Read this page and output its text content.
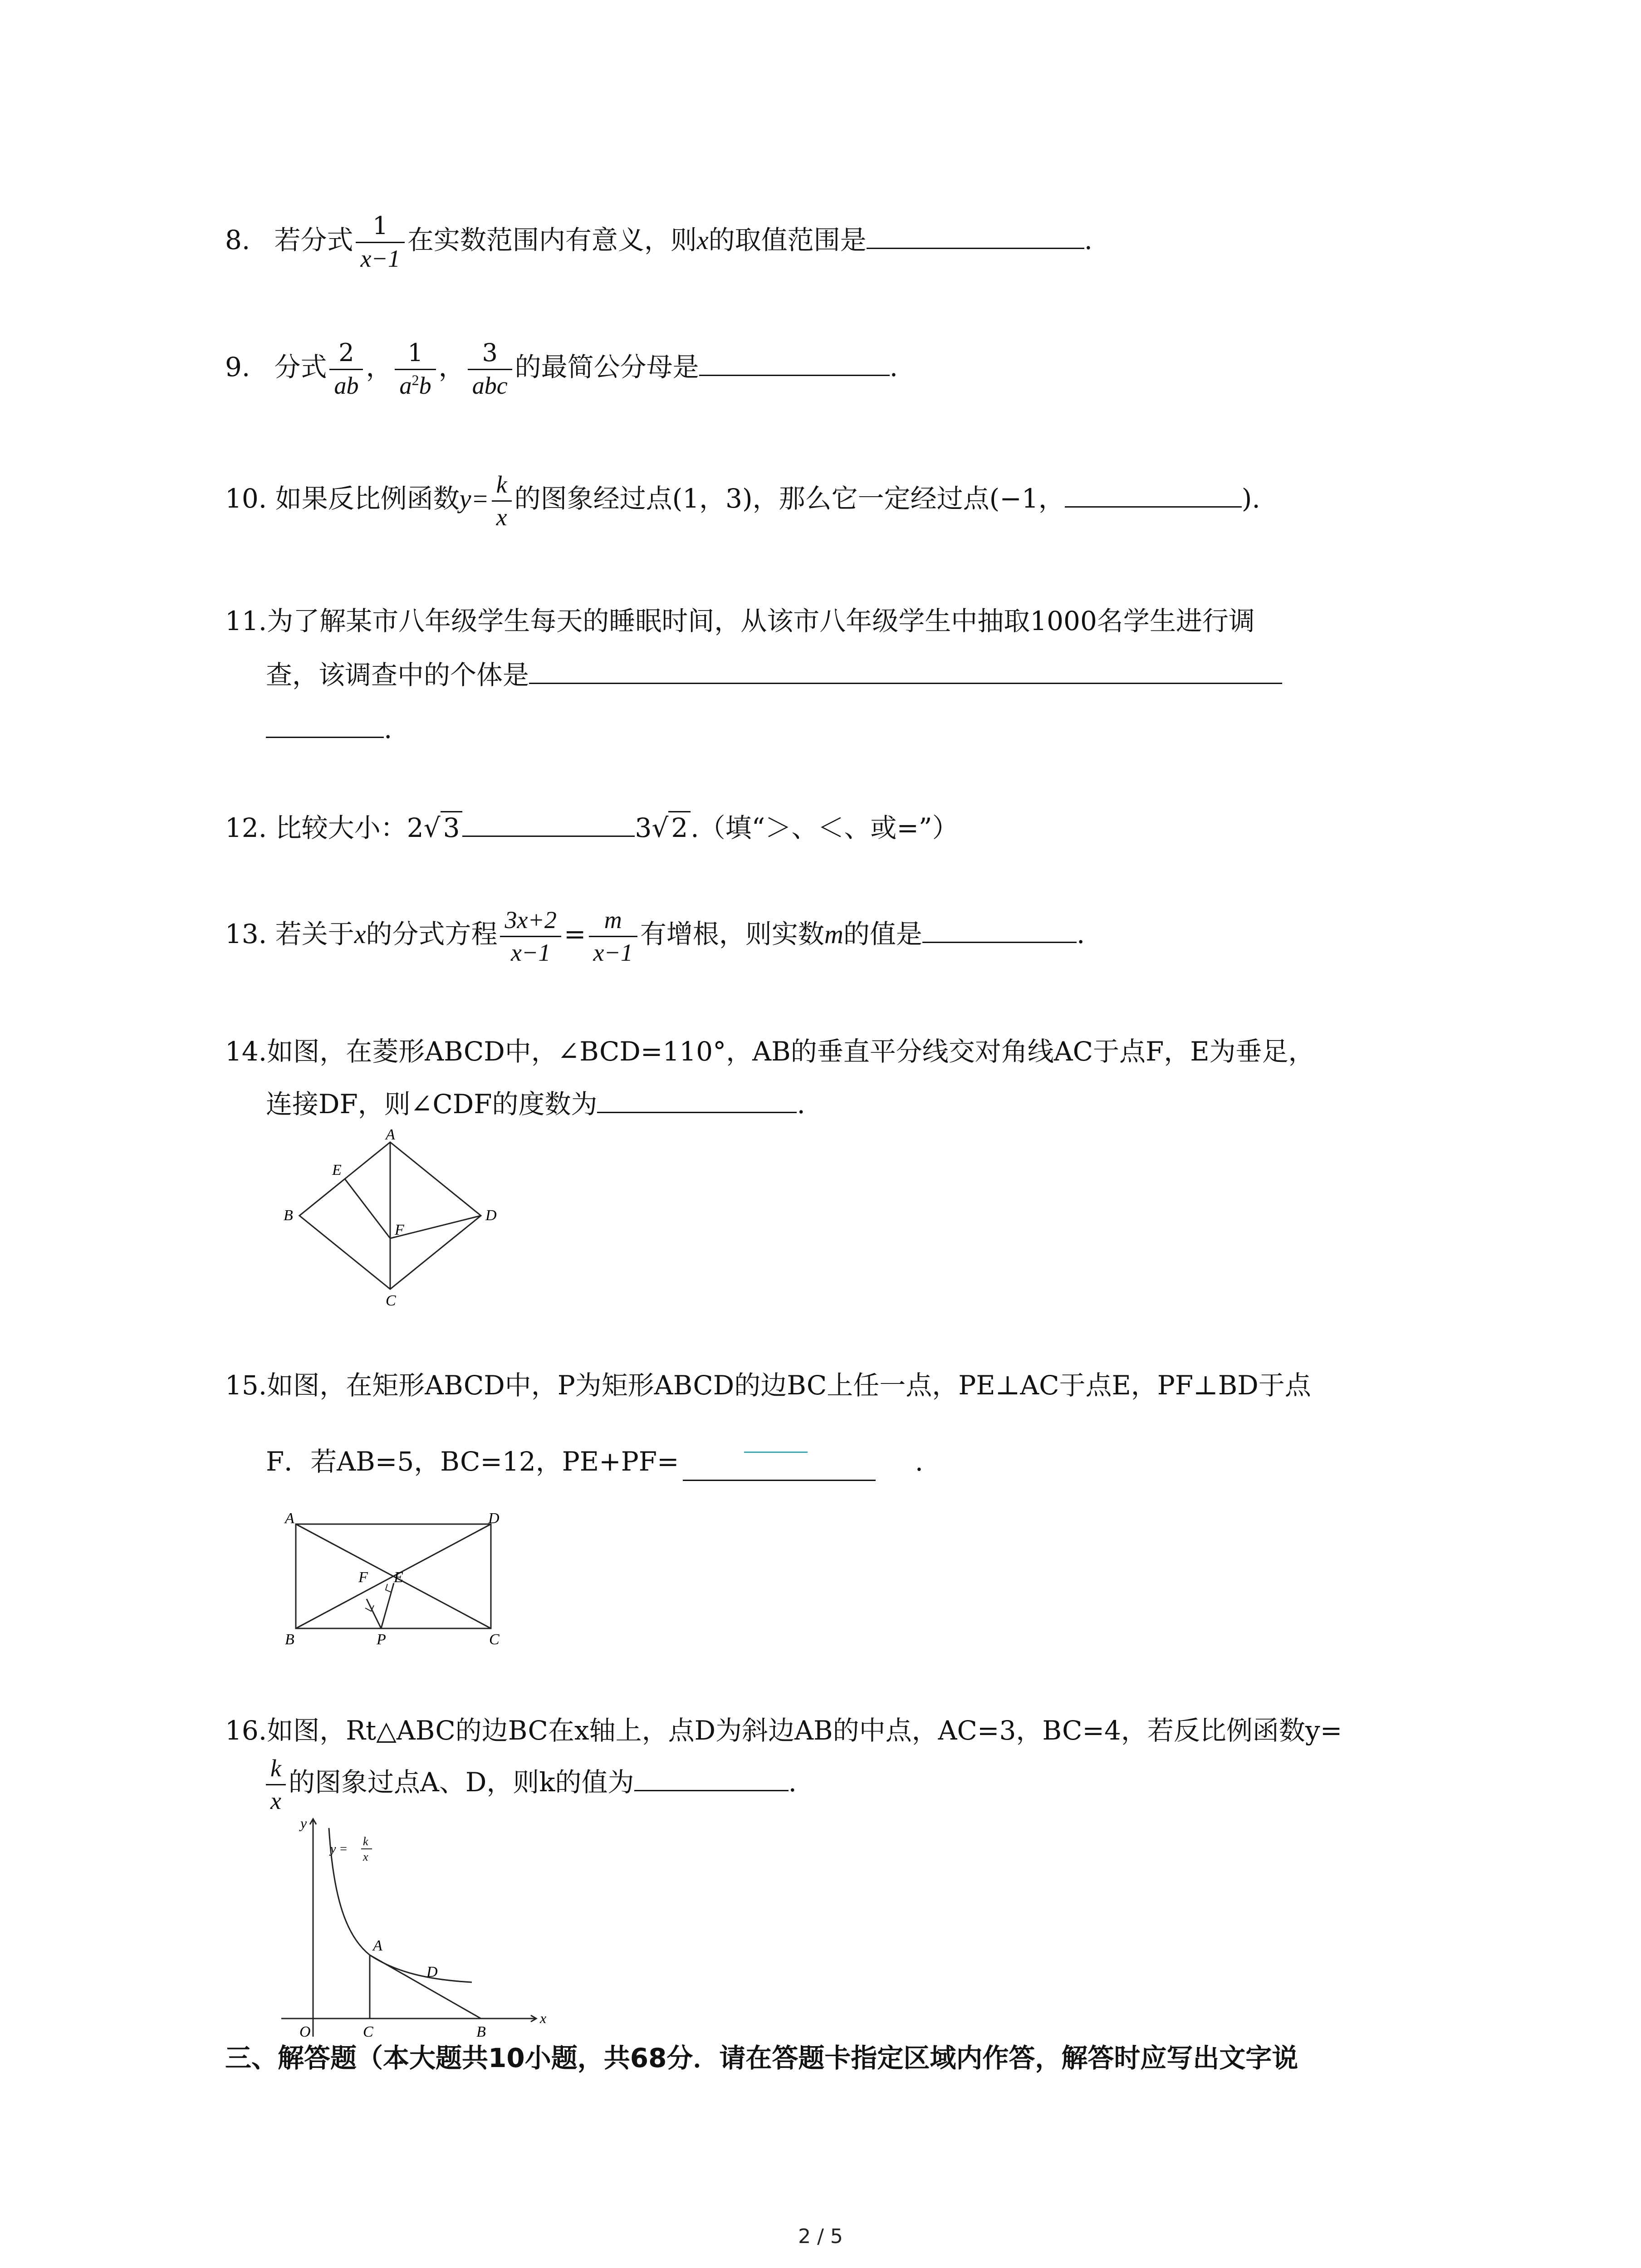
8. 若分式 $\frac{1}{x-1}$ 在实数范围内有意义，则x的取值范围是	.
9. 分式 $\frac{2}{ab}$ ， $\frac{1}{a^2b}$ ， $\frac{3}{\text{abc}}$ 的最简公分母是	.
10. 如果反比例函数$y= \frac{k}{x}$ 的图象经过点(1，3)，那么它一定经过点(−1，	).
11.为了解某市八年级学生每天的睡眠时间，从该市八年级学生中抽取1000名学生进行调
查，该调查中的个体是
.
12. 比较大小：2√ 3	3√ 2 .（填“＞、＜、或=”）
13. 若关于x的分式方程 $\frac{3x+2}{x-1} = \frac{m}{x-1}$ 有增根，则实数m的值是	.
14.如图，在菱形ABCD中，∠BCD=110°，AB的垂直平分线交对角线AC于点F，E为垂足，
连接DF，则∠CDF的度数为	.
A
B
C
D
E
F
15.如图，在矩形ABCD中，P为矩形ABCD的边BC上任一点，PE⊥AC于点E，PF⊥BD于点
F．若AB=5，BC=12，PE+PF=	.
A
B	C
D
F E
P
16.如图，Rt△ABC的边BC在x轴上，点D为斜边AB的中点，AC=3，BC=4，若反比例函数y=

$\frac{k}{x}$ 的图象过点A、D，则k的值为	.
y
x
O	C	B
A
D
y =
k
x
三、解答题（本大题共10小题，共68分．请在答题卡指定区域内作答，解答时应写出文字说
2 / 5
